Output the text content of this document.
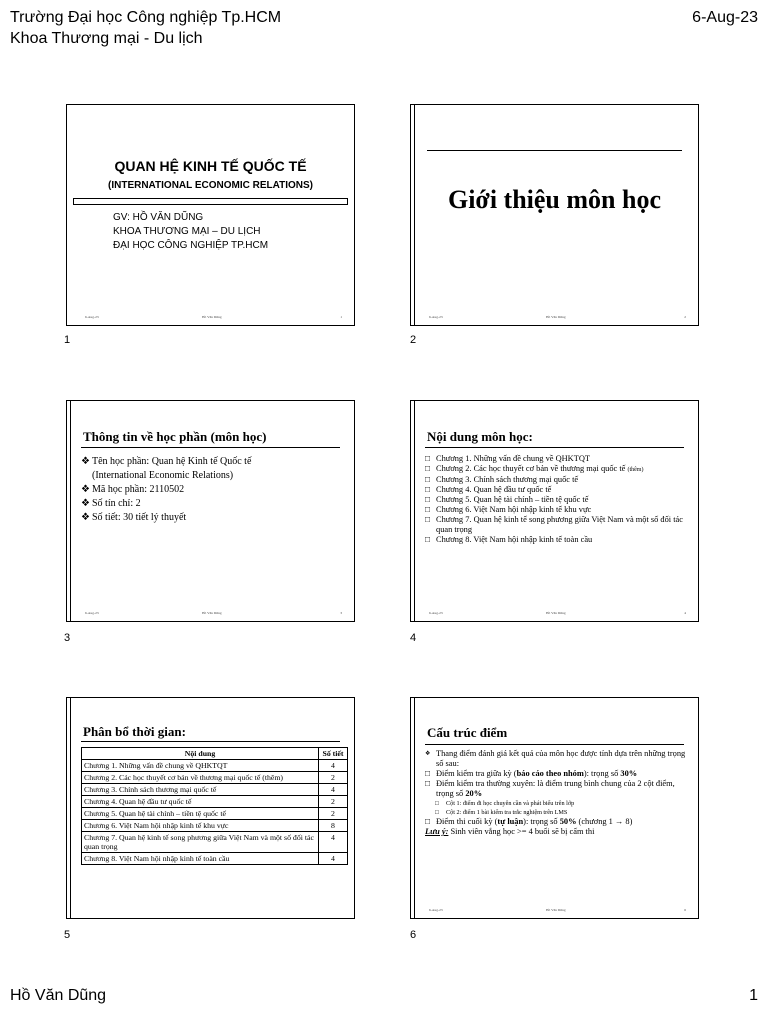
Trường Đại học Công nghiệp Tp.HCM
Khoa Thương mại - Du lịch
6-Aug-23
QUAN HỆ KINH TẾ QUỐC TẾ
(INTERNATIONAL ECONOMIC RELATIONS)
GV: HỒ VĂN DŨNG
KHOA THƯƠNG MẠI – DU LỊCH
ĐẠI HỌC CÔNG NGHIỆP TP.HCM
6-Aug-23	Hồ Văn Dũng	1
1
Giới thiệu môn học
6-Aug-23	Hồ Văn Dũng	2
2
Thông tin về học phần (môn học)
❖ Tên học phần: Quan hệ Kinh tế Quốc tế
(International Economic Relations)
❖ Mã học phần: 2110502
❖ Số tín chỉ: 2
❖ Số tiết: 30 tiết lý thuyết
6-Aug-23	Hồ Văn Dũng	3
3
Nội dung môn học:
□ Chương 1. Những vấn đề chung về QHKTQT
□ Chương 2. Các học thuyết cơ bản về thương mại quốc tế (thêm)
□ Chương 3. Chính sách thương mại quốc tế
□ Chương 4. Quan hệ đầu tư quốc tế
□ Chương 5. Quan hệ tài chính – tiền tệ quốc tế
□ Chương 6. Việt Nam hội nhập kinh tế khu vực
□ Chương 7. Quan hệ kinh tế song phương giữa Việt Nam và một số đối tác quan trọng
□ Chương 8. Việt Nam hội nhập kinh tế toàn cầu
6-Aug-23	Hồ Văn Dũng	4
4
Phân bổ thời gian:
Nội dung	Số tiết
Chương 1. Những vấn đề chung về QHKTQT	4
Chương 2. Các học thuyết cơ bản về thương mại quốc tế (thêm)	2
Chương 3. Chính sách thương mại quốc tế	4
Chương 4. Quan hệ đầu tư quốc tế	2
Chương 5. Quan hệ tài chính – tiền tệ quốc tế	2
Chương 6. Việt Nam hội nhập kinh tế khu vực	8
Chương 7. Quan hệ kinh tế song phương giữa Việt Nam và một số đối tác quan trọng	4
Chương 8. Việt Nam hội nhập kinh tế toàn cầu	4
5
Cấu trúc điểm
❖ Thang điểm đánh giá kết quả của môn học được tính dựa trên những trọng số sau:
□ Điểm kiểm tra giữa kỳ (báo cáo theo nhóm): trọng số 30%
□ Điểm kiểm tra thường xuyên: là điểm trung bình chung của 2 cột điểm, trọng số 20%
□ Cột 1: điểm đi học chuyên cần và phát biểu trên lớp
□ Cột 2: điểm 1 bài kiểm tra trắc nghiệm trên LMS
□ Điểm thi cuối kỳ (tự luận): trọng số 50% (chương 1 → 8)
Lưu ý: Sinh viên vắng học >= 4 buổi sẽ bị cấm thi
6-Aug-23	Hồ Văn Dũng	6
6
Hồ Văn Dũng	1
